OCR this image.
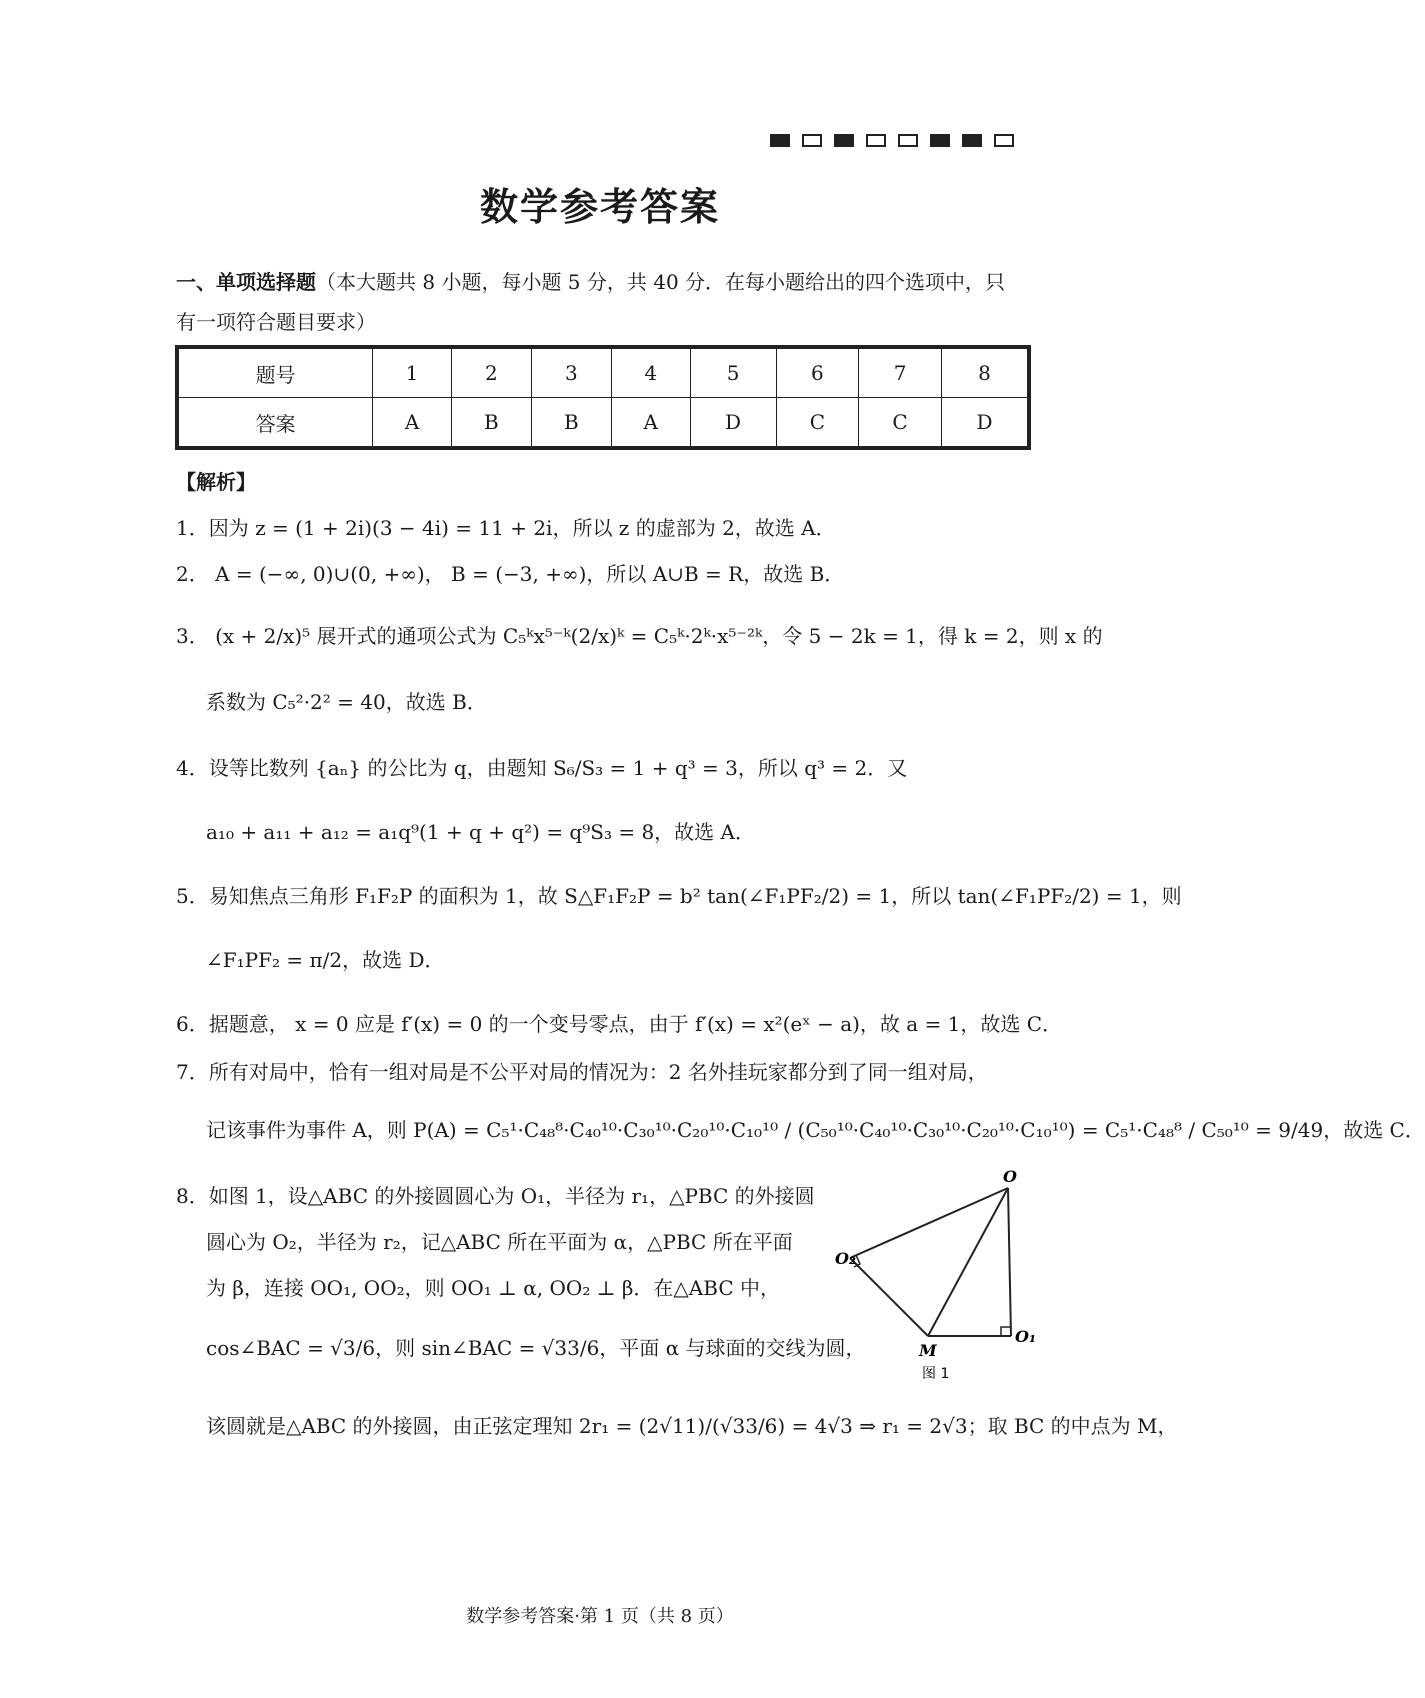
数学参考答案
一、单项选择题（本大题共 8 小题，每小题 5 分，共 40 分．在每小题给出的四个选项中，只
有一项符合题目要求）
题号	1	2	3	4	5	6	7	8
答案	A	B	B	A	D	C	C	D
【解析】
1．因为 z = (1 + 2i)(3 − 4i) = 11 + 2i，所以 z 的虚部为 2，故选 A．
2． A = (−∞, 0)∪(0, +∞)， B = (−3, +∞)，所以 A∪B = R，故选 B．
3． (x + 2/x)⁵ 展开式的通项公式为 C₅ᵏx⁵⁻ᵏ(2/x)ᵏ = C₅ᵏ·2ᵏ·x⁵⁻²ᵏ，令 5 − 2k = 1，得 k = 2，则 x 的
系数为 C₅²·2² = 40，故选 B．
4．设等比数列 {aₙ} 的公比为 q，由题知 S₆/S₃ = 1 + q³ = 3，所以 q³ = 2．又
a₁₀ + a₁₁ + a₁₂ = a₁q⁹(1 + q + q²) = q⁹S₃ = 8，故选 A．
5．易知焦点三角形 F₁F₂P 的面积为 1，故 S△F₁F₂P = b² tan(∠F₁PF₂/2) = 1，所以 tan(∠F₁PF₂/2) = 1，则
∠F₁PF₂ = π/2，故选 D．
6．据题意， x = 0 应是 f′(x) = 0 的一个变号零点，由于 f′(x) = x²(eˣ − a)，故 a = 1，故选 C．
7．所有对局中，恰有一组对局是不公平对局的情况为：2 名外挂玩家都分到了同一组对局，
记该事件为事件 A，则 P(A) = C₅¹·C₄₈⁸·C₄₀¹⁰·C₃₀¹⁰·C₂₀¹⁰·C₁₀¹⁰ / (C₅₀¹⁰·C₄₀¹⁰·C₃₀¹⁰·C₂₀¹⁰·C₁₀¹⁰) = C₅¹·C₄₈⁸ / C₅₀¹⁰ = 9/49，故选 C．
8．如图 1，设△ABC 的外接圆圆心为 O₁，半径为 r₁，△PBC 的外接圆
圆心为 O₂，半径为 r₂，记△ABC 所在平面为 α，△PBC 所在平面
为 β，连接 OO₁, OO₂，则 OO₁ ⊥ α, OO₂ ⊥ β．在△ABC 中，
cos∠BAC = √3/6，则 sin∠BAC = √33/6，平面 α 与球面的交线为圆，
该圆就是△ABC 的外接圆，由正弦定理知 2r₁ = (2√11)/(√33/6) = 4√3 ⇒ r₁ = 2√3；取 BC 的中点为 M，
O
O₂
M
O₁
图 1
数学参考答案·第 1 页（共 8 页）
